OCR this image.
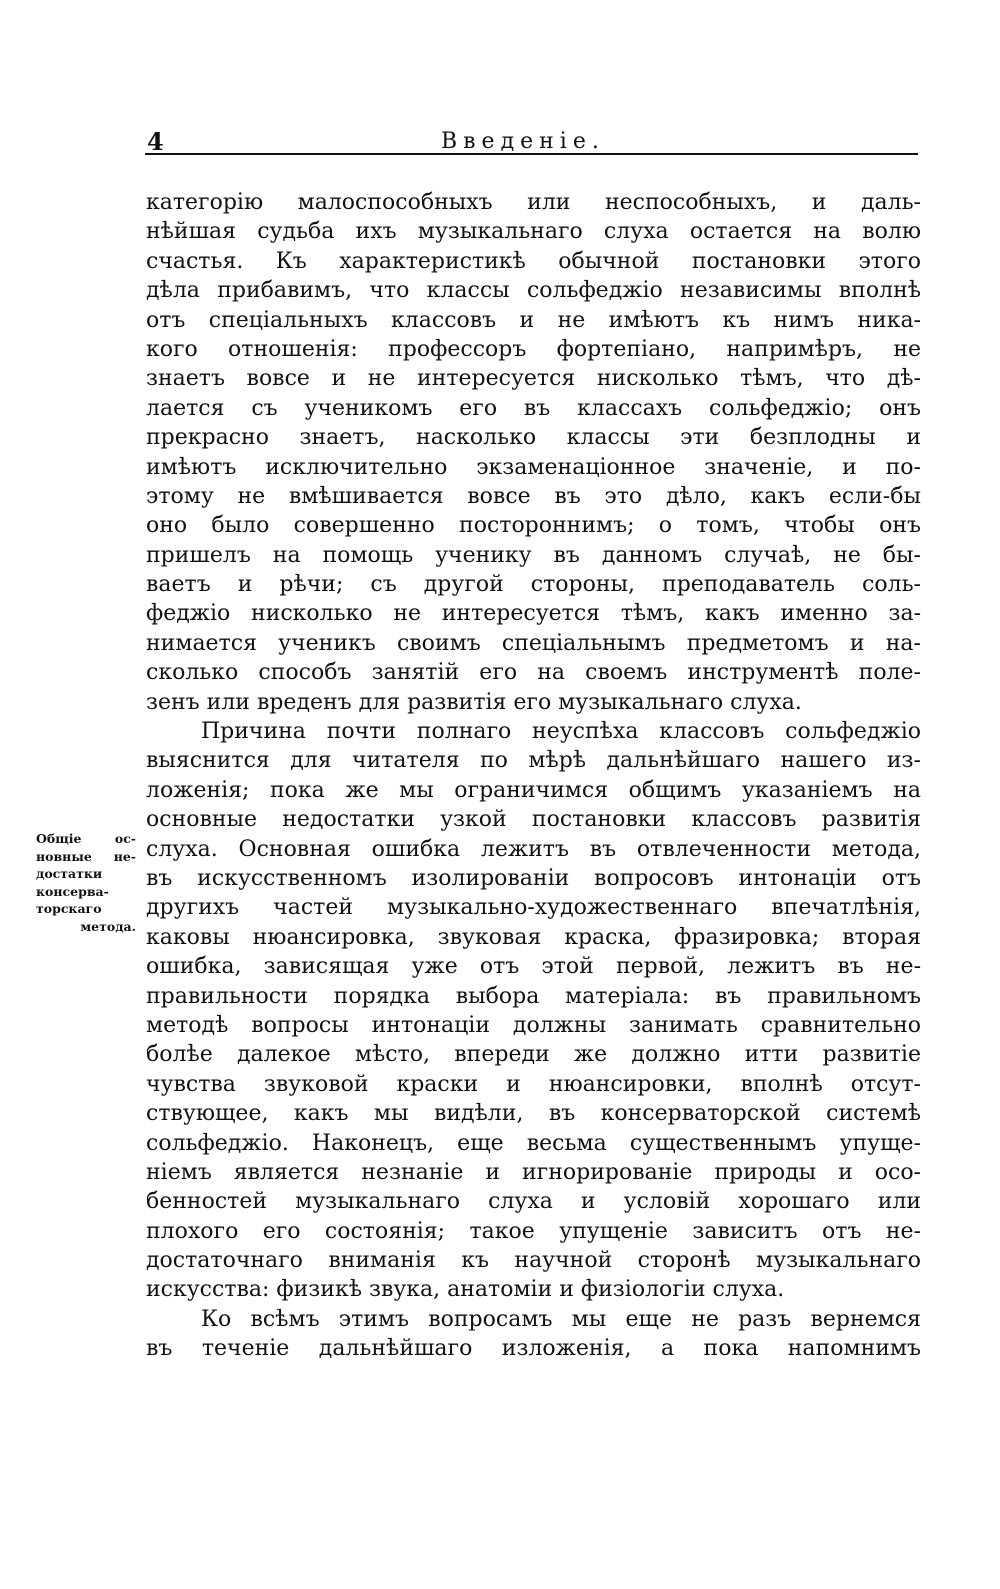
4	Введенiе.
Общiе ос-
новные не-
достатки
консерва-
торскаго
метода.
категорiю малоспособныхъ или неспособныхъ, и даль-
нѣйшая судьба ихъ музыкальнаго слуха остается на волю
счастья. Къ характеристикѣ обычной постановки этого
дѣла прибавимъ, что классы сольфеджiо независимы вполнѣ
отъ спецiальныхъ классовъ и не имѣютъ къ нимъ ника-
кого отношенiя: профессоръ фортепiано, напримѣръ, не
знаетъ вовсе и не интересуется нисколько тѣмъ, что дѣ-
лается съ ученикомъ его въ классахъ сольфеджiо; онъ
прекрасно знаетъ, насколько классы эти безплодны и
имѣютъ исключительно экзаменацiонное значенiе, и по-
этому не вмѣшивается вовсе въ это дѣло, какъ если-бы
оно было совершенно постороннимъ; о томъ, чтобы онъ
пришелъ на помощь ученику въ данномъ случаѣ, не бы-
ваетъ и рѣчи; съ другой стороны, преподаватель соль-
феджiо нисколько не интересуется тѣмъ, какъ именно за-
нимается ученикъ своимъ спецiальнымъ предметомъ и на-
сколько способъ занятiй его на своемъ инструментѣ поле-
зенъ или вреденъ для развитiя его музыкальнаго слуха.
Причина почти полнаго неуспѣха классовъ сольфеджiо
выяснится для читателя по мѣрѣ дальнѣйшаго нашего из-
ложенiя; пока же мы ограничимся общимъ указанiемъ на
основные недостатки узкой постановки классовъ развитiя
слуха. Основная ошибка лежитъ въ отвлеченности метода,
въ искусственномъ изолированiи вопросовъ интонацiи отъ
другихъ частей музыкально-художественнаго впечатлѣнiя,
каковы нюансировка, звуковая краска, фразировка; вторая
ошибка, зависящая уже отъ этой первой, лежитъ въ не-
правильности порядка выбора матерiала: въ правильномъ
методѣ вопросы интонацiи должны занимать сравнительно
болѣе далекое мѣсто, впереди же должно итти развитiе
чувства звуковой краски и нюансировки, вполнѣ отсут-
ствующее, какъ мы видѣли, въ консерваторской системѣ
сольфеджiо. Наконецъ, еще весьма существеннымъ упуще-
нiемъ является незнанiе и игнорированiе природы и осо-
бенностей музыкальнаго слуха и условiй хорошаго или
плохого его состоянiя; такое упущенiе зависитъ отъ не-
достаточнаго вниманiя къ научной сторонѣ музыкальнаго
искусства: физикѣ звука, анатомiи и физiологiи слуха.
Ко всѣмъ этимъ вопросамъ мы еще не разъ вернемся
въ теченiе дальнѣйшаго изложенiя, а пока напомнимъ
